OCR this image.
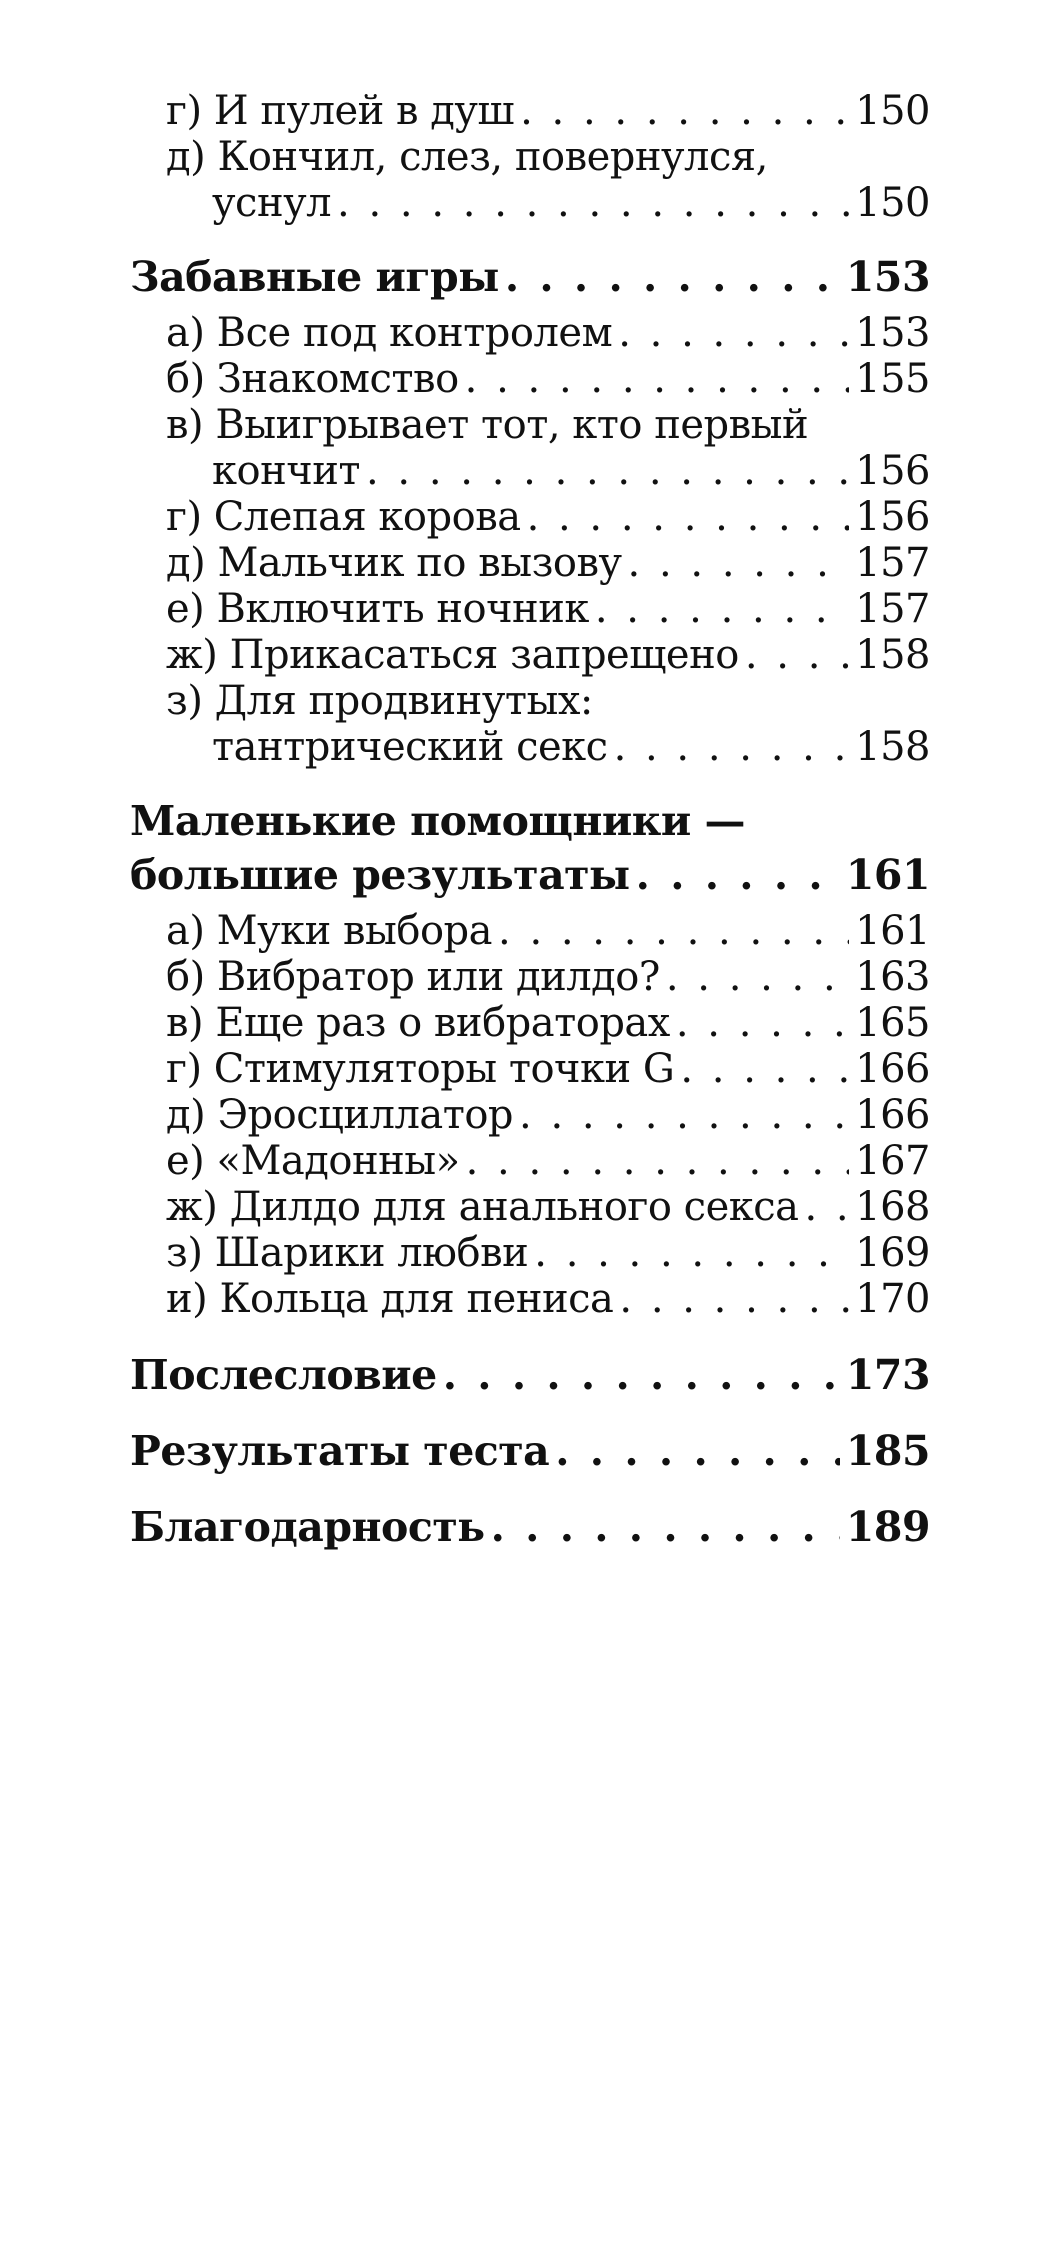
г) И пулей в душ . . .	150
д) Кончил, слез, повернулся,
уснул . . .	150
Забавные игры . . .	153
а) Все под контролем . . .	153
б) Знакомство . . .	155
в) Выигрывает тот, кто первый
кончит . . .	156
г) Слепая корова . . .	156
д) Мальчик по вызову . . .	157
е) Включить ночник . . .	157
ж) Прикасаться запрещено . . .	158
з) Для продвинутых:
тантрический секс . . .	158
Маленькие помощники —
большие результаты . . .	161
а) Муки выбора . . .	161
б) Вибратор или дилдо? . . .	163
в) Еще раз о вибраторах . . .	165
г) Стимуляторы точки G . . .	166
д) Эросциллатор . . .	166
е) «Мадонны» . . .	167
ж) Дилдо для анального секса . . . 168
з) Шарики любви . . .	169
и) Кольца для пениса . . .	170
Послесловие . . .	173
Результаты теста . . .	185
Благодарность . . .	189
